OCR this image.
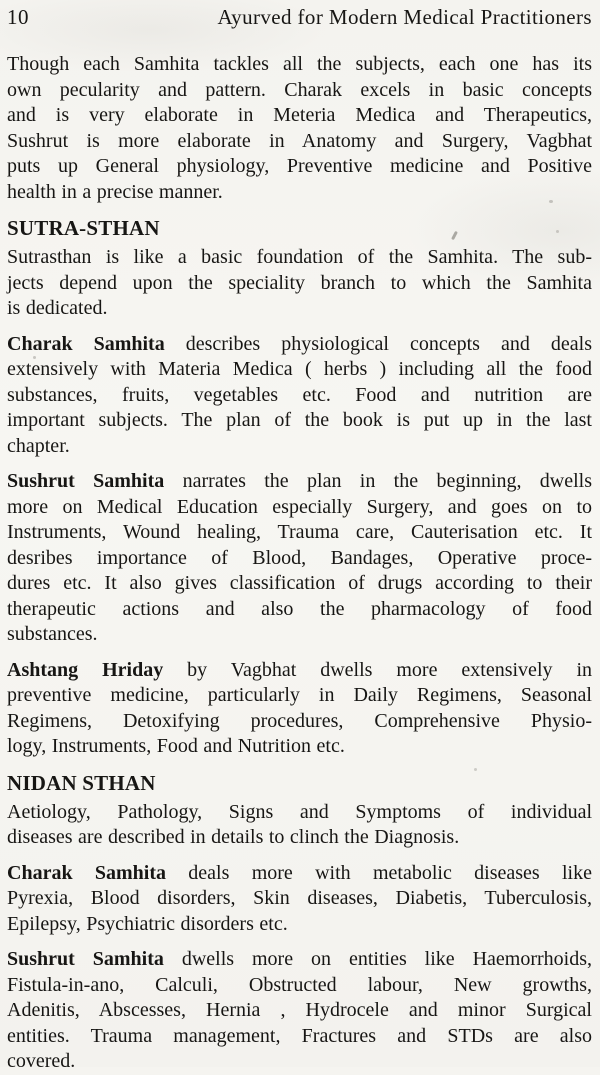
10	Ayurved for Modern Medical Practitioners
Though each Samhita tackles all the subjects, each one has its
own pecularity and pattern. Charak excels in basic concepts
and is very elaborate in Meteria Medica and Therapeutics,
Sushrut is more elaborate in Anatomy and Surgery, Vagbhat
puts up General physiology, Preventive medicine and Positive
health in a precise manner.
SUTRA-STHAN
Sutrasthan is like a basic foundation of the Samhita. The sub-
jects depend upon the speciality branch to which the Samhita
is dedicated.
Charak Samhita describes physiological concepts and deals
extensively with Materia Medica ( herbs ) including all the food
substances, fruits, vegetables etc. Food and nutrition are
important subjects. The plan of the book is put up in the last
chapter.
Sushrut Samhita narrates the plan in the beginning, dwells
more on Medical Education especially Surgery, and goes on to
Instruments, Wound healing, Trauma care, Cauterisation etc. It
desribes importance of Blood, Bandages, Operative proce-
dures etc. It also gives classification of drugs according to their
therapeutic actions and also the pharmacology of food
substances.
Ashtang Hriday by Vagbhat dwells more extensively in
preventive medicine, particularly in Daily Regimens, Seasonal
Regimens, Detoxifying procedures, Comprehensive Physio-
logy, Instruments, Food and Nutrition etc.
NIDAN STHAN
Aetiology, Pathology, Signs and Symptoms of individual
diseases are described in details to clinch the Diagnosis.
Charak Samhita deals more with metabolic diseases like
Pyrexia, Blood disorders, Skin diseases, Diabetis, Tuberculosis,
Epilepsy, Psychiatric disorders etc.
Sushrut Samhita dwells more on entities like Haemorrhoids,
Fistula-in-ano, Calculi, Obstructed labour, New growths,
Adenitis, Abscesses, Hernia , Hydrocele and minor Surgical
entities. Trauma management, Fractures and STDs are also
covered.
